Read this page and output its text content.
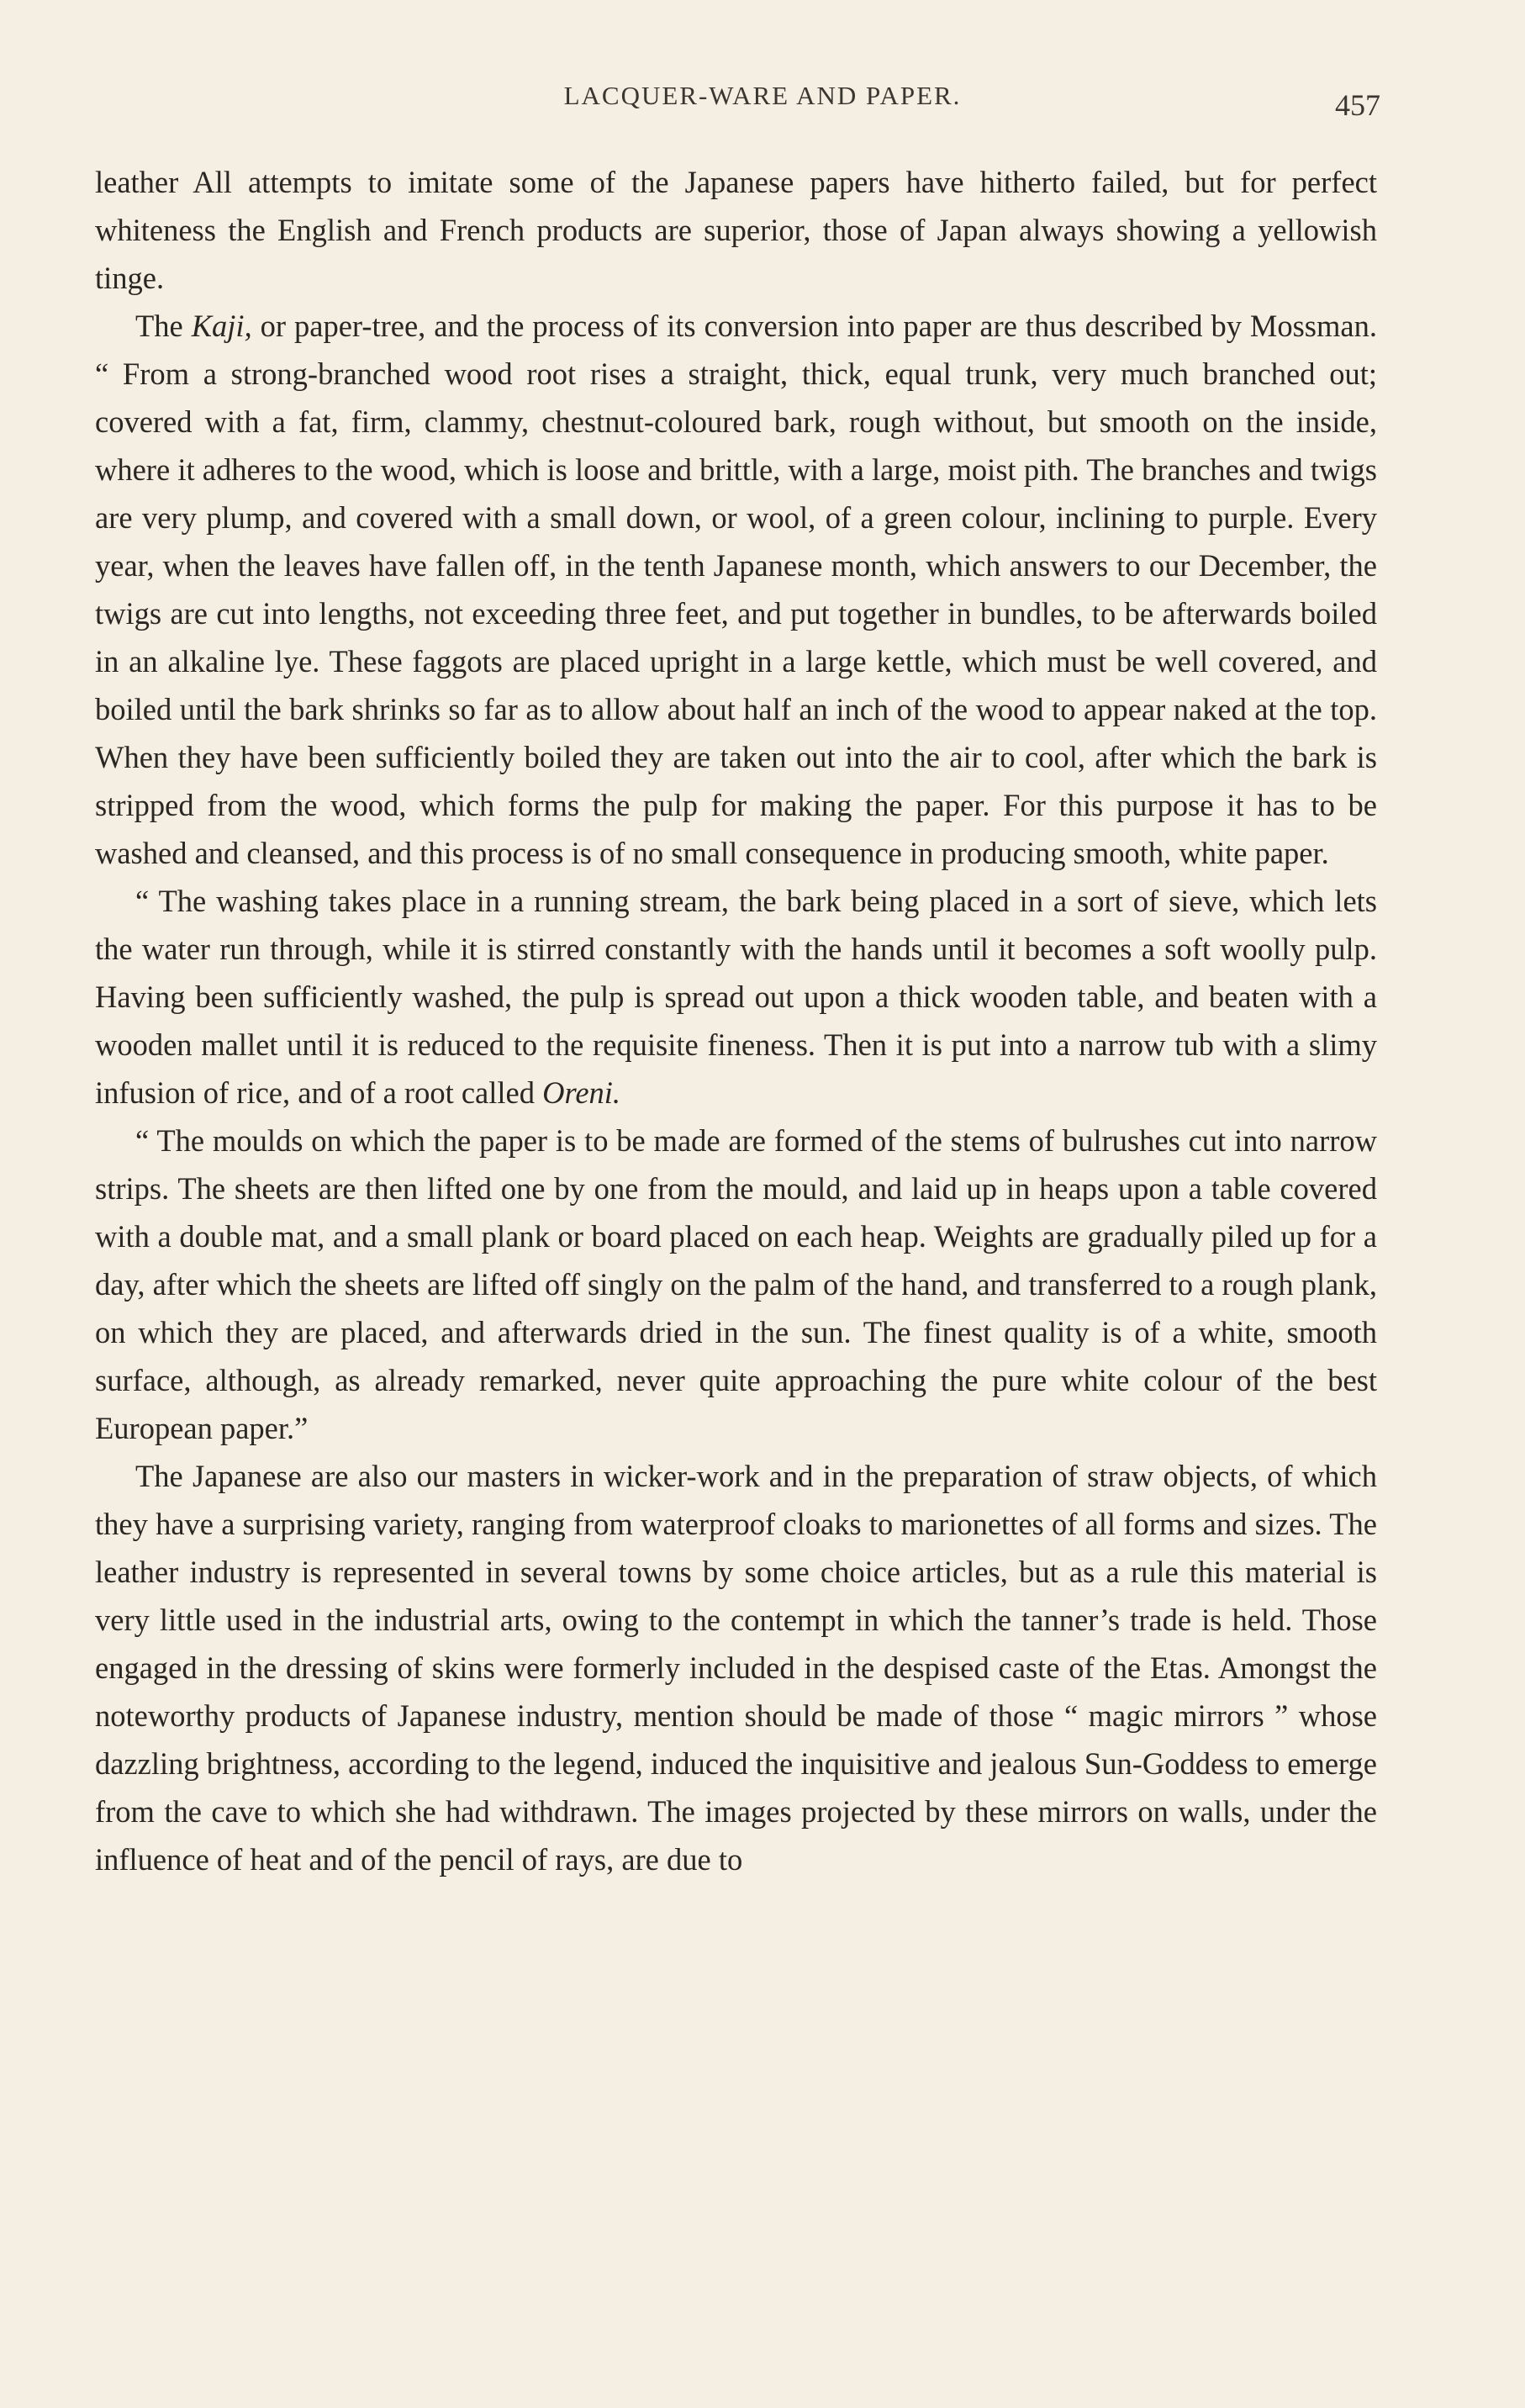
LACQUER-WARE AND PAPER.	457

leather All attempts to imitate some of the Japanese papers have hitherto failed, but for perfect whiteness the English and French products are superior, those of Japan always showing a yellowish tinge.

The Kaji, or paper-tree, and the process of its conversion into paper are thus described by Mossman. “ From a strong-branched wood root rises a straight, thick, equal trunk, very much branched out; covered with a fat, firm, clammy, chestnut-coloured bark, rough without, but smooth on the inside, where it adheres to the wood, which is loose and brittle, with a large, moist pith. The branches and twigs are very plump, and covered with a small down, or wool, of a green colour, inclining to purple. Every year, when the leaves have fallen off, in the tenth Japanese month, which answers to our December, the twigs are cut into lengths, not exceeding three feet, and put together in bundles, to be afterwards boiled in an alkaline lye. These faggots are placed upright in a large kettle, which must be well covered, and boiled until the bark shrinks so far as to allow about half an inch of the wood to appear naked at the top. When they have been sufficiently boiled they are taken out into the air to cool, after which the bark is stripped from the wood, which forms the pulp for making the paper. For this purpose it has to be washed and cleansed, and this process is of no small consequence in producing smooth, white paper.

“ The washing takes place in a running stream, the bark being placed in a sort of sieve, which lets the water run through, while it is stirred constantly with the hands until it becomes a soft woolly pulp. Having been sufficiently washed, the pulp is spread out upon a thick wooden table, and beaten with a wooden mallet until it is reduced to the requisite fineness. Then it is put into a narrow tub with a slimy infusion of rice, and of a root called Oreni.

“ The moulds on which the paper is to be made are formed of the stems of bulrushes cut into narrow strips. The sheets are then lifted one by one from the mould, and laid up in heaps upon a table covered with a double mat, and a small plank or board placed on each heap. Weights are gradually piled up for a day, after which the sheets are lifted off singly on the palm of the hand, and transferred to a rough plank, on which they are placed, and afterwards dried in the sun. The finest quality is of a white, smooth surface, although, as already remarked, never quite approaching the pure white colour of the best European paper.”

The Japanese are also our masters in wicker-work and in the preparation of straw objects, of which they have a surprising variety, ranging from waterproof cloaks to marionettes of all forms and sizes. The leather industry is represented in several towns by some choice articles, but as a rule this material is very little used in the industrial arts, owing to the contempt in which the tanner’s trade is held. Those engaged in the dressing of skins were formerly included in the despised caste of the Etas. Amongst the noteworthy products of Japanese industry, mention should be made of those “ magic mirrors ” whose dazzling brightness, according to the legend, induced the inquisitive and jealous Sun-Goddess to emerge from the cave to which she had withdrawn. The images projected by these mirrors on walls, under the influence of heat and of the pencil of rays, are due to
